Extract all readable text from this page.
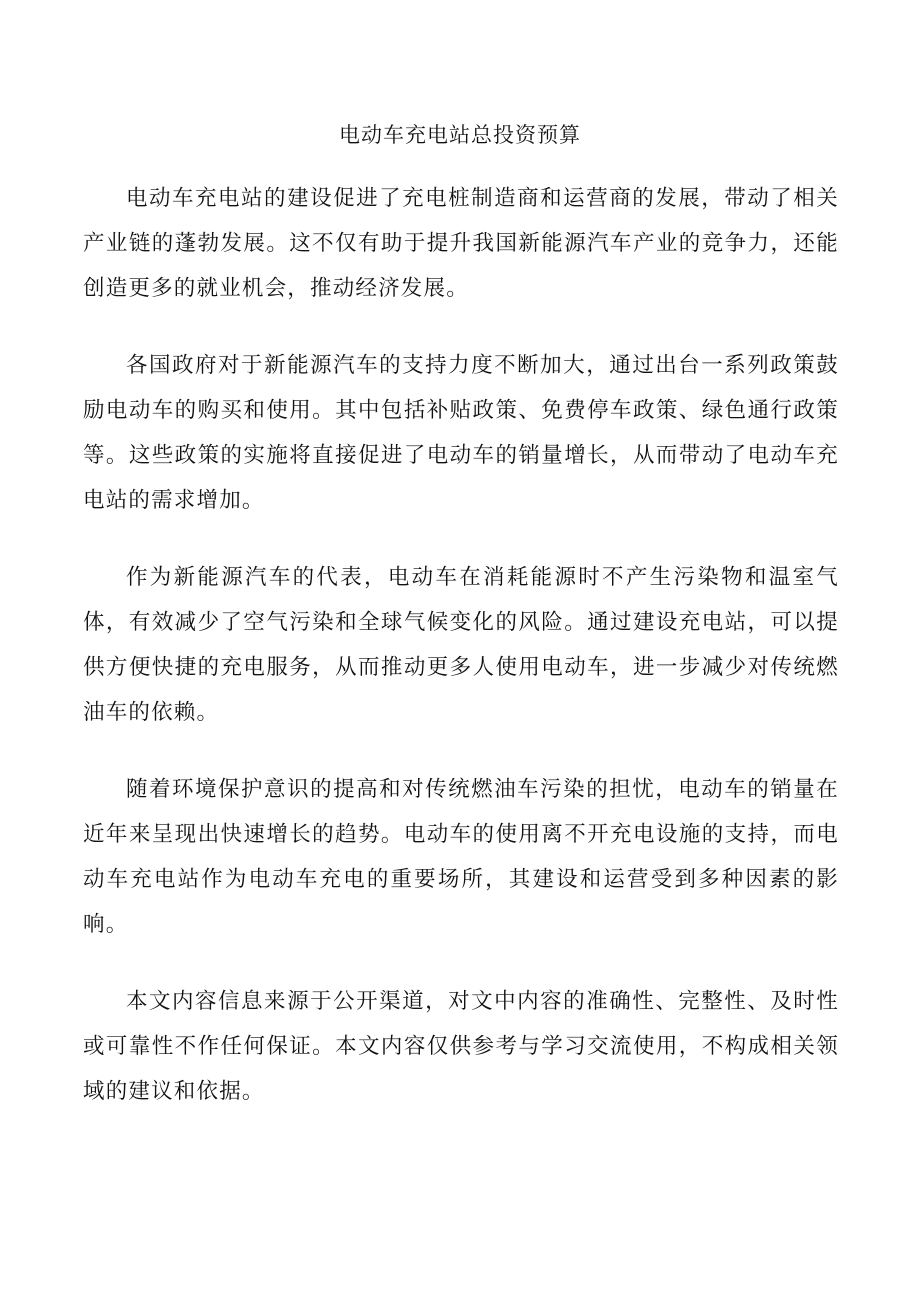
电动车充电站总投资预算

电动车充电站的建设促进了充电桩制造商和运营商的发展，带动了相关产业链的蓬勃发展。这不仅有助于提升我国新能源汽车产业的竞争力，还能创造更多的就业机会，推动经济发展。

各国政府对于新能源汽车的支持力度不断加大，通过出台一系列政策鼓励电动车的购买和使用。其中包括补贴政策、免费停车政策、绿色通行政策等。这些政策的实施将直接促进了电动车的销量增长，从而带动了电动车充电站的需求增加。

作为新能源汽车的代表，电动车在消耗能源时不产生污染物和温室气体，有效减少了空气污染和全球气候变化的风险。通过建设充电站，可以提供方便快捷的充电服务，从而推动更多人使用电动车，进一步减少对传统燃油车的依赖。

随着环境保护意识的提高和对传统燃油车污染的担忧，电动车的销量在近年来呈现出快速增长的趋势。电动车的使用离不开充电设施的支持，而电动车充电站作为电动车充电的重要场所，其建设和运营受到多种因素的影响。

本文内容信息来源于公开渠道，对文中内容的准确性、完整性、及时性或可靠性不作任何保证。本文内容仅供参考与学习交流使用，不构成相关领域的建议和依据。
